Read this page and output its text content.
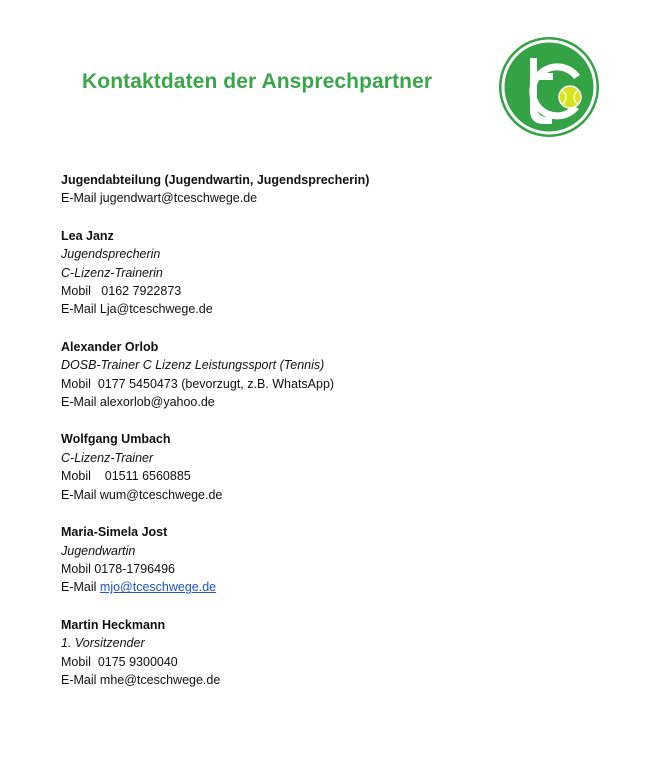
Kontaktdaten der Ansprechpartner
Jugendabteilung (Jugendwartin, Jugendsprecherin)
E-Mail jugendwart@tceschwege.de
Lea Janz
Jugendsprecherin
C-Lizenz-Trainerin
Mobil   0162 7922873
E-Mail Lja@tceschwege.de
Alexander Orlob
DOSB-Trainer C Lizenz Leistungssport (Tennis)
Mobil  0177 5450473 (bevorzugt, z.B. WhatsApp)
E-Mail alexorlob@yahoo.de
Wolfgang Umbach
C-Lizenz-Trainer
Mobil    01511 6560885
E-Mail wum@tceschwege.de
Maria-Simela Jost
Jugendwartin
Mobil 0178-1796496
E-Mail mjo@tceschwege.de
Martin Heckmann
1. Vorsitzender
Mobil  0175 9300040
E-Mail mhe@tceschwege.de
